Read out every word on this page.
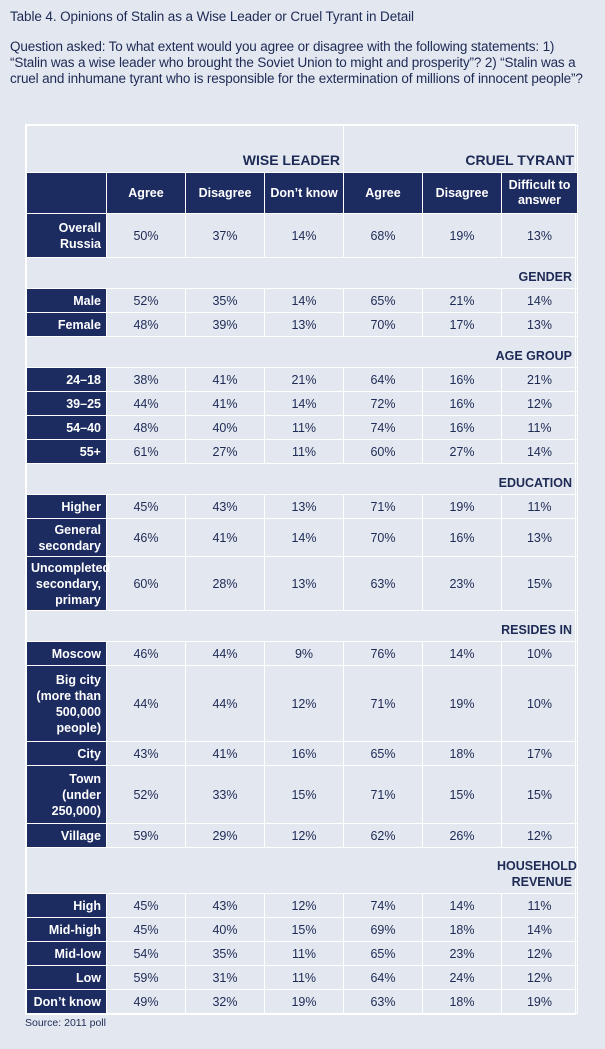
Table 4. Opinions of Stalin as a Wise Leader or Cruel Tyrant in Detail
Question asked: To what extent would you agree or disagree with the following statements: 1) “Stalin was a wise leader who brought the Soviet Union to might and prosperity”? 2) “Stalin was a cruel and inhumane tyrant who is responsible for the extermination of millions of innocent people”?
WISE LEADER				CRUEL TYRANT		
	Agree	Disagree	Don’t know	Agree	Disagree	Difficult to answer
Overall Russia	50%	37%	14%	68%	19%	13%
GENDER						
Male	52%	35%	14%	65%	21%	14%
Female	48%	39%	13%	70%	17%	13%
AGE GROUP						
24–18	38%	41%	21%	64%	16%	21%
39–25	44%	41%	14%	72%	16%	12%
54–40	48%	40%	11%	74%	16%	11%
55+	61%	27%	11%	60%	27%	14%
EDUCATION						
Higher	45%	43%	13%	71%	19%	11%
General secondary	46%	41%	14%	70%	16%	13%
Uncompleted secondary, primary	60%	28%	13%	63%	23%	15%
RESIDES IN						
Moscow	46%	44%	9%	76%	14%	10%
Big city (more than 500,000 people)	44%	44%	12%	71%	19%	10%
City	43%	41%	16%	65%	18%	17%
Town (under 250,000)	52%	33%	15%	71%	15%	15%
Village	59%	29%	12%	62%	26%	12%
HOUSEHOLD REVENUE						
High	45%	43%	12%	74%	14%	11%
Mid-high	45%	40%	15%	69%	18%	14%
Mid-low	54%	35%	11%	65%	23%	12%
Low	59%	31%	11%	64%	24%	12%
Don’t know	49%	32%	19%	63%	18%	19%
Source: 2011 poll
